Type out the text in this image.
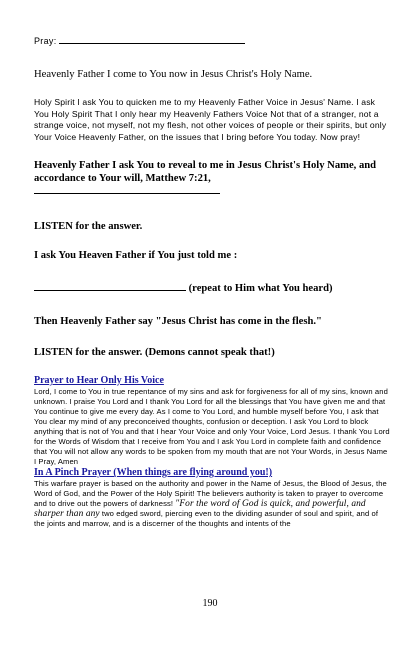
Pray:

Heavenly Father I come to You now in Jesus Christ's Holy Name.

Holy Spirit I ask You to quicken me to my Heavenly Father Voice in Jesus' Name. I ask You Holy Spirit That I only hear my Heavenly Fathers Voice Not that of a stranger, not a strange voice, not myself, not my flesh, not other voices of people or their spirits, but only Your Voice Heavenly Father, on the issues that I bring before You today. Now pray!

Heavenly Father I ask You to reveal to me in Jesus Christ's Holy Name, and accordance to Your will, Matthew 7:21,

LISTEN for the answer.

I ask You Heaven Father if You just told me :

(repeat to Him what You heard)

Then Heavenly Father say "Jesus Christ has come in the flesh."

LISTEN for the answer. (Demons cannot speak that!)

Prayer to Hear Only His Voice

Lord, I come to You in true repentance of my sins and ask for forgiveness for all of my sins, known and unknown. I praise You Lord and I thank You Lord for all the blessings that You have given me and that You continue to give me every day. As I come to You Lord, and humble myself before You, I ask that You clear my mind of any preconceived thoughts, confusion or deception. I ask You Lord to block anything that is not of You and that I hear Your Voice and only Your Voice, Lord Jesus. I thank You Lord for the Words of Wisdom that I receive from You and I ask You Lord in complete faith and confidence that You will not allow any words to be spoken from my mouth that are not Your Words, in Jesus Name I Pray, Amen

In A Pinch Prayer (When things are flying around you!)

This warfare prayer is based on the authority and power in the Name of Jesus, the Blood of Jesus, the Word of God, and the Power of the Holy Spirit! The believers authority is taken to prayer to overcome and to drive out the powers of darkness! "For the word of God is quick, and powerful, and sharper than any two edged sword, piercing even to the dividing asunder of soul and spirit, and of the joints and marrow, and is a discerner of the thoughts and intents of the

190
